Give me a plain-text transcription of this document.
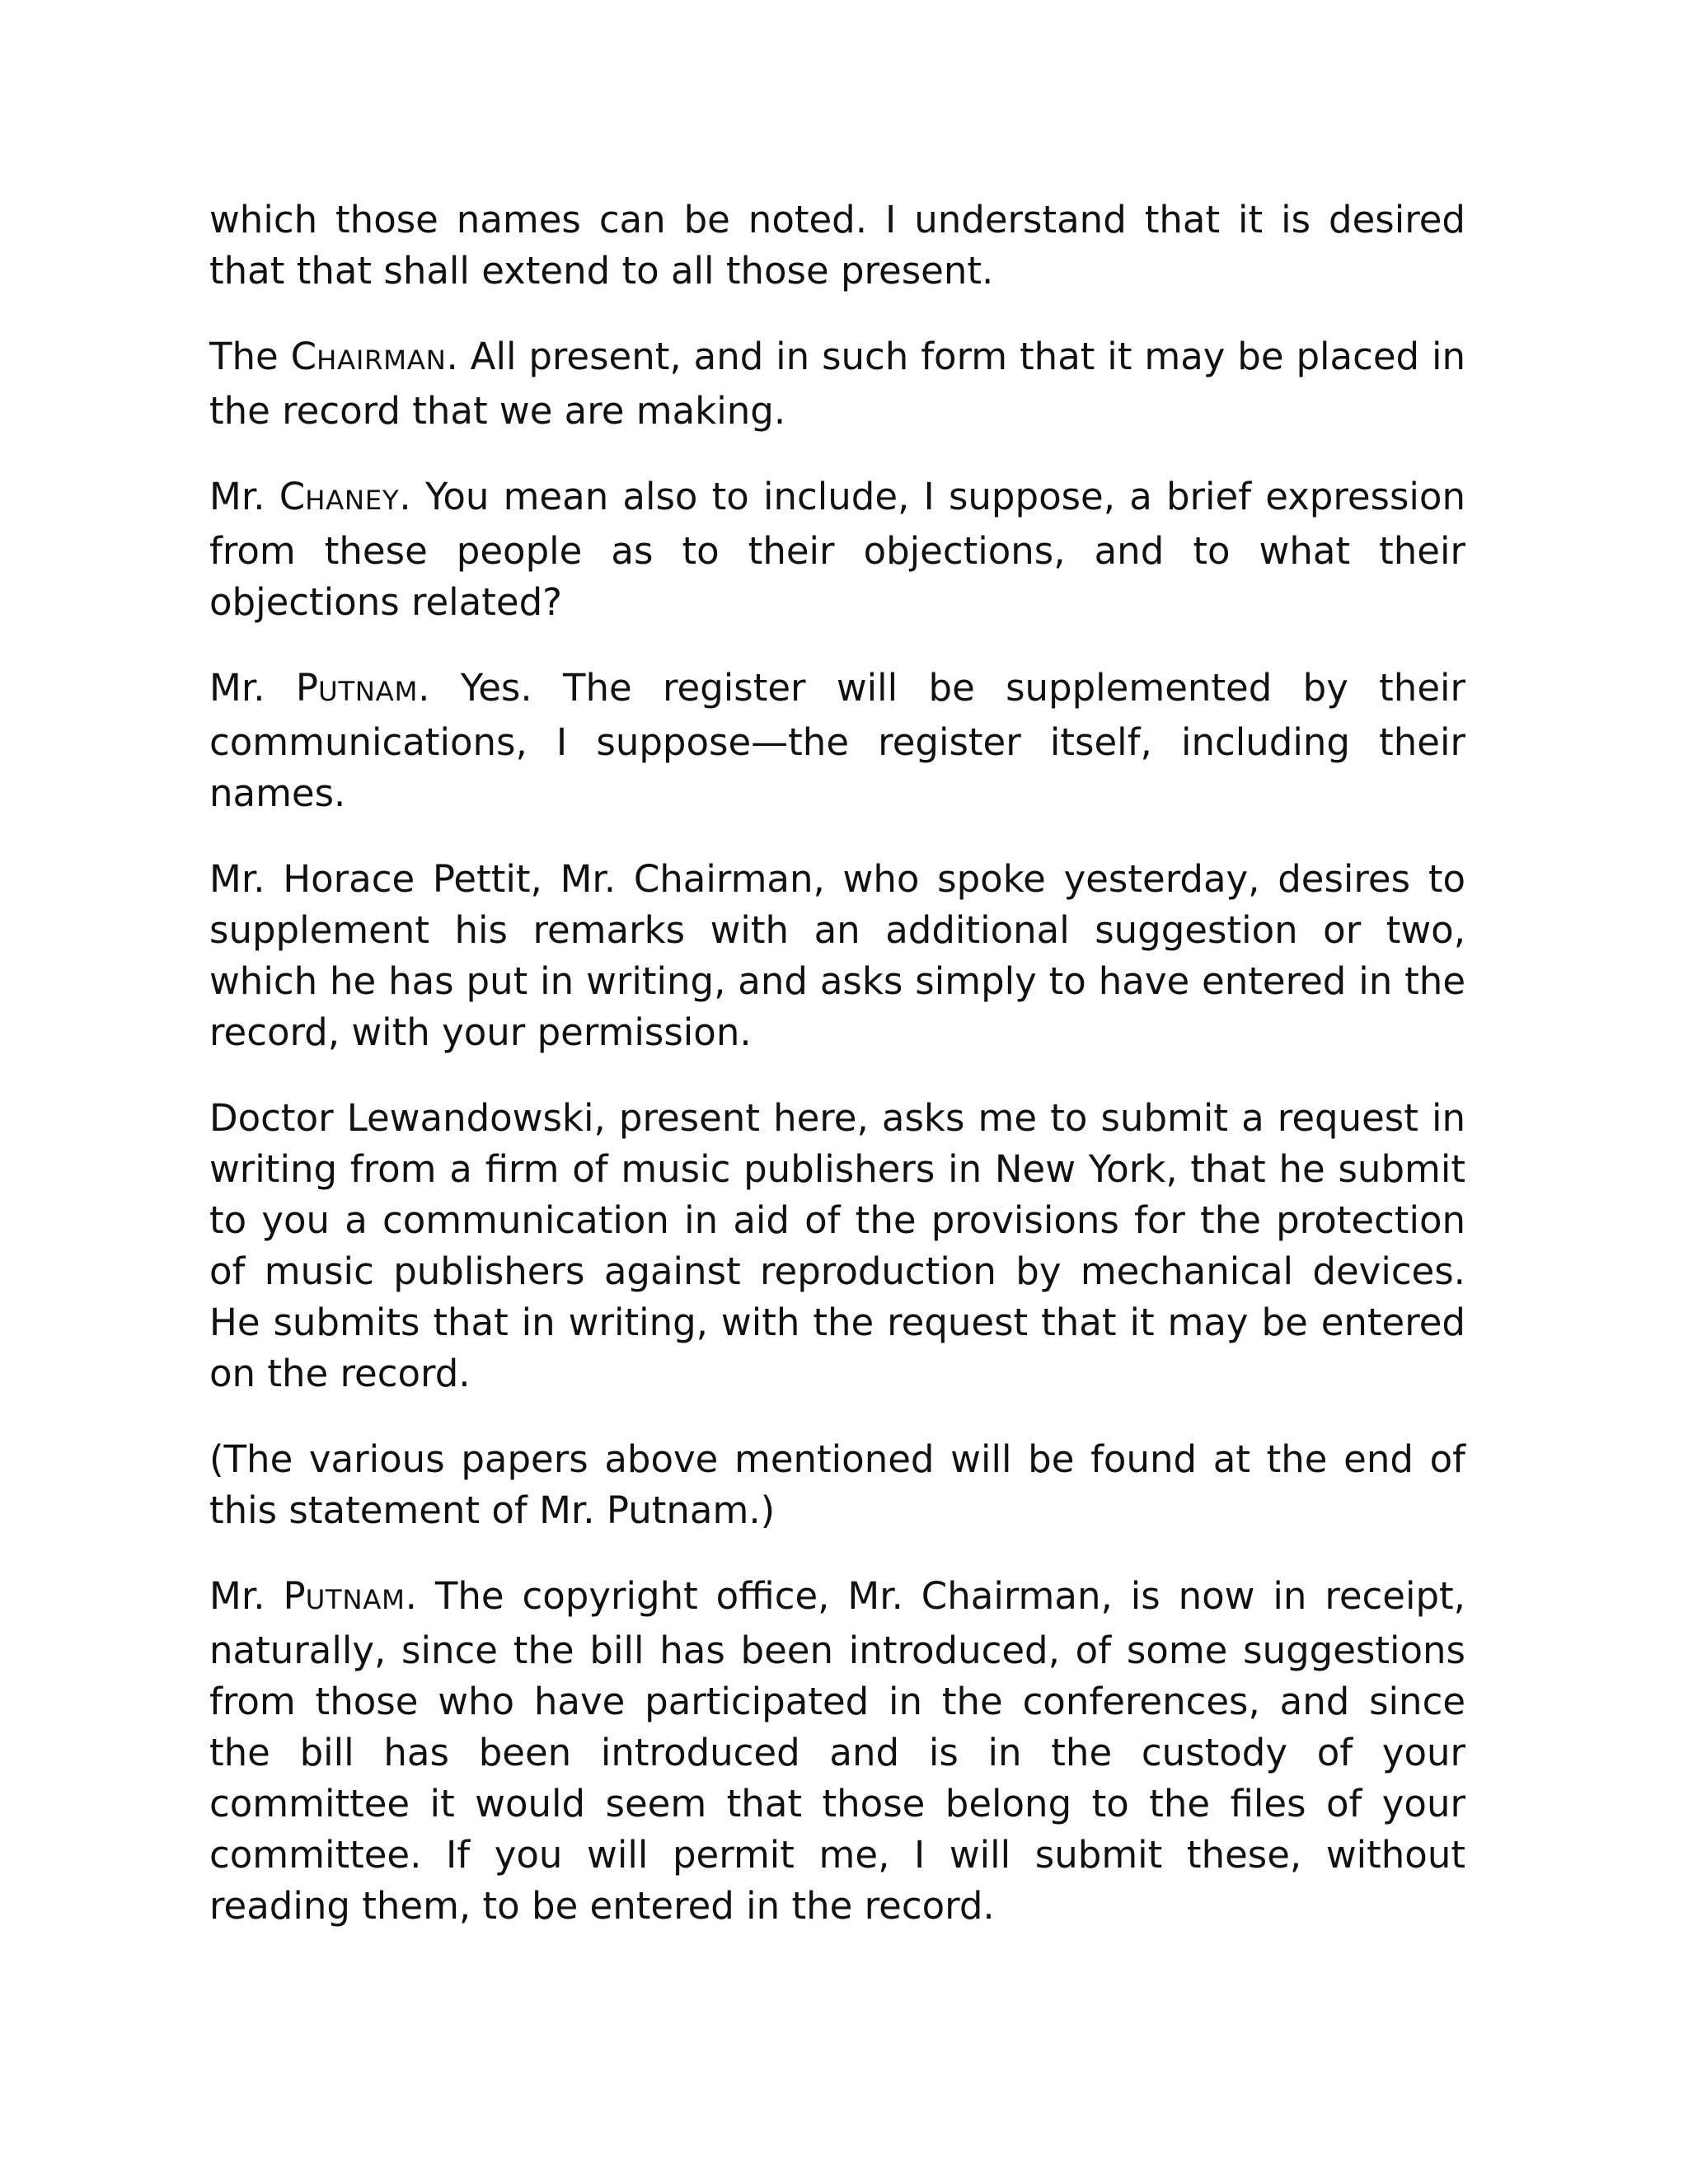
which those names can be noted. I understand that it is desired that that shall extend to all those present.

The CHAIRMAN. All present, and in such form that it may be placed in the record that we are making.

Mr. CHANEY. You mean also to include, I suppose, a brief expression from these people as to their objections, and to what their objections related?

Mr. PUTNAM. Yes. The register will be supplemented by their communications, I suppose—the register itself, including their names.

Mr. Horace Pettit, Mr. Chairman, who spoke yesterday, desires to supplement his remarks with an additional suggestion or two, which he has put in writing, and asks simply to have entered in the record, with your permission.

Doctor Lewandowski, present here, asks me to submit a request in writing from a firm of music publishers in New York, that he submit to you a communication in aid of the provisions for the protection of music publishers against reproduction by mechanical devices. He submits that in writing, with the request that it may be entered on the record.

(The various papers above mentioned will be found at the end of this statement of Mr. Putnam.)

Mr. PUTNAM. The copyright office, Mr. Chairman, is now in receipt, naturally, since the bill has been introduced, of some suggestions from those who have participated in the conferences, and since the bill has been introduced and is in the custody of your committee it would seem that those belong to the files of your committee. If you will permit me, I will submit these, without reading them, to be entered in the record.
